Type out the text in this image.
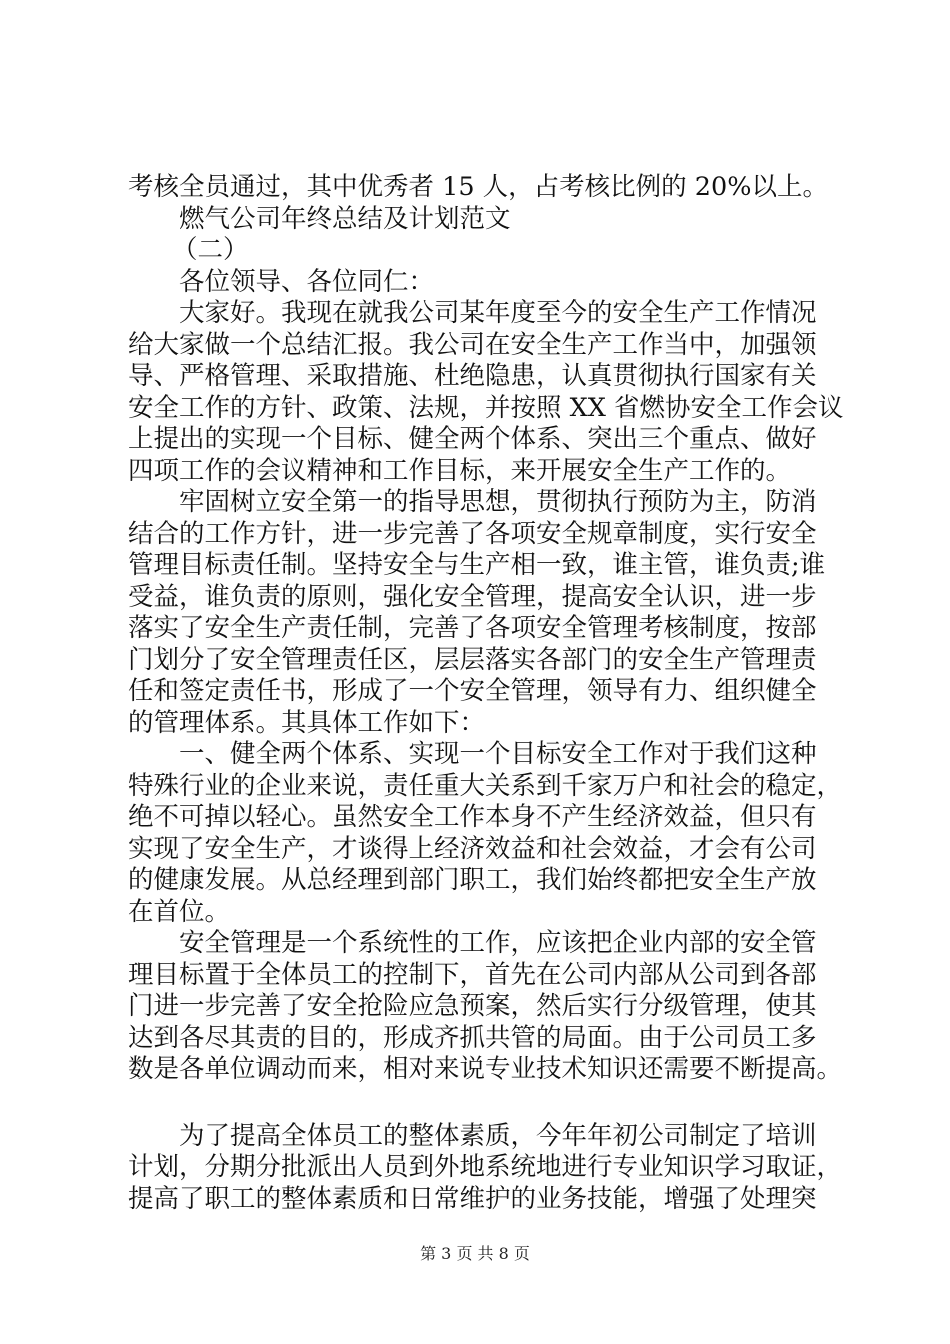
考核全员通过，其中优秀者 15 人，占考核比例的 20%以上。
燃气公司年终总结及计划范文
（二）
各位领导、各位同仁：
大家好。我现在就我公司某年度至今的安全生产工作情况
给大家做一个总结汇报。我公司在安全生产工作当中，加强领
导、严格管理、采取措施、杜绝隐患，认真贯彻执行国家有关
安全工作的方针、政策、法规，并按照 XX 省燃协安全工作会议
上提出的实现一个目标、健全两个体系、突出三个重点、做好
四项工作的会议精神和工作目标，来开展安全生产工作的。
牢固树立安全第一的指导思想，贯彻执行预防为主，防消
结合的工作方针，进一步完善了各项安全规章制度，实行安全
管理目标责任制。坚持安全与生产相一致，谁主管，谁负责;谁
受益，谁负责的原则，强化安全管理，提高安全认识，进一步
落实了安全生产责任制，完善了各项安全管理考核制度，按部
门划分了安全管理责任区，层层落实各部门的安全生产管理责
任和签定责任书，形成了一个安全管理，领导有力、组织健全
的管理体系。其具体工作如下：
一、健全两个体系、实现一个目标安全工作对于我们这种
特殊行业的企业来说，责任重大关系到千家万户和社会的稳定，
绝不可掉以轻心。虽然安全工作本身不产生经济效益，但只有
实现了安全生产，才谈得上经济效益和社会效益，才会有公司
的健康发展。从总经理到部门职工，我们始终都把安全生产放
在首位。
安全管理是一个系统性的工作，应该把企业内部的安全管
理目标置于全体员工的控制下，首先在公司内部从公司到各部
门进一步完善了安全抢险应急预案，然后实行分级管理，使其
达到各尽其责的目的，形成齐抓共管的局面。由于公司员工多
数是各单位调动而来，相对来说专业技术知识还需要不断提高。
为了提高全体员工的整体素质，今年年初公司制定了培训
计划，分期分批派出人员到外地系统地进行专业知识学习取证，
提高了职工的整体素质和日常维护的业务技能，增强了处理突
第 3 页 共 8 页
